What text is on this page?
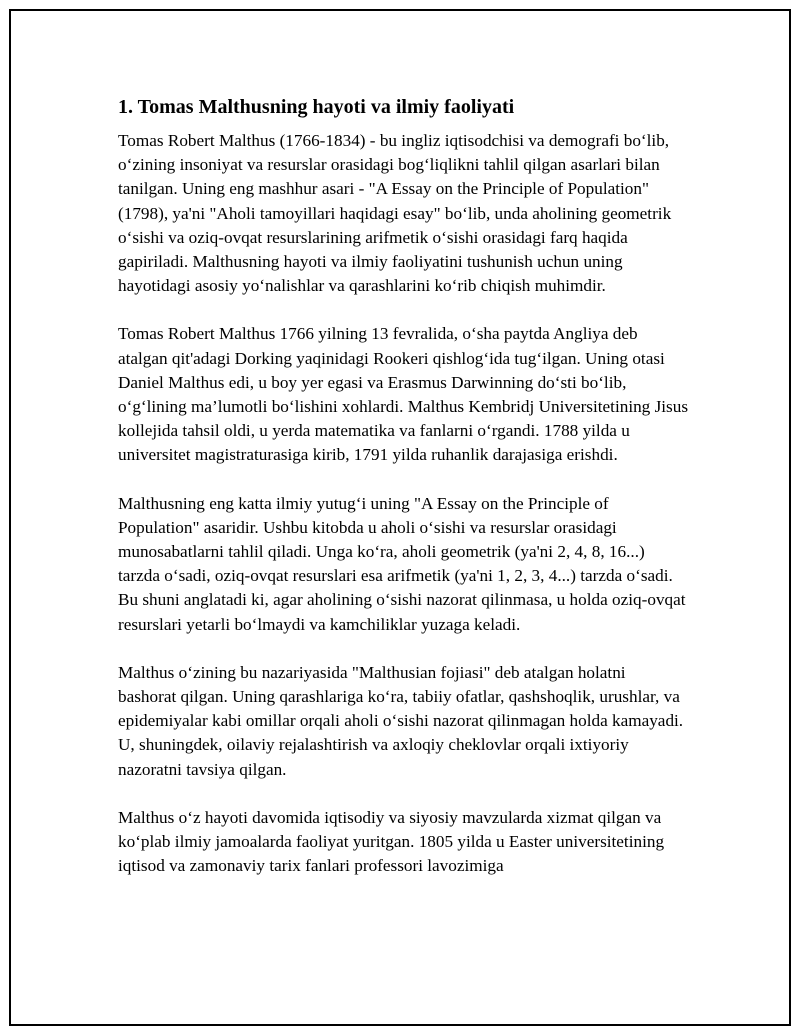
1. Tomas Malthusning hayoti va ilmiy faoliyati

Tomas Robert Malthus (1766-1834) - bu ingliz iqtisodchisi va demografi bo‘lib, o‘zining insoniyat va resurslar orasidagi bog‘liqlikni tahlil qilgan asarlari bilan tanilgan. Uning eng mashhur asari - "A Essay on the Principle of Population" (1798), ya'ni "Aholi tamoyillari haqidagi esay" bo‘lib, unda aholining geometrik o‘sishi va oziq-ovqat resurslarining arifmetik o‘sishi orasidagi farq haqida gapiriladi. Malthusning hayoti va ilmiy faoliyatini tushunish uchun uning hayotidagi asosiy yo‘nalishlar va qarashlarini ko‘rib chiqish muhimdir.

Tomas Robert Malthus 1766 yilning 13 fevralida, o‘sha paytda Angliya deb atalgan qit'adagi Dorking yaqinidagi Rookeri qishlog‘ida tug‘ilgan. Uning otasi Daniel Malthus edi, u boy yer egasi va Erasmus Darwinning do‘sti bo‘lib, o‘g‘lining ma’lumotli bo‘lishini xohlardi. Malthus Kembridj Universitetining Jisus kollejida tahsil oldi, u yerda matematika va fanlarni o‘rgandi. 1788 yilda u universitet magistraturasiga kirib, 1791 yilda ruhanlik darajasiga erishdi.

Malthusning eng katta ilmiy yutug‘i uning "A Essay on the Principle of Population" asaridir. Ushbu kitobda u aholi o‘sishi va resurslar orasidagi munosabatlarni tahlil qiladi. Unga ko‘ra, aholi geometrik (ya'ni 2, 4, 8, 16...) tarzda o‘sadi, oziq-ovqat resurslari esa arifmetik (ya'ni 1, 2, 3, 4...) tarzda o‘sadi. Bu shuni anglatadi ki, agar aholining o‘sishi nazorat qilinmasa, u holda oziq-ovqat resurslari yetarli bo‘lmaydi va kamchiliklar yuzaga keladi.

Malthus o‘zining bu nazariyasida "Malthusian fojiasi" deb atalgan holatni bashorat qilgan. Uning qarashlariga ko‘ra, tabiiy ofatlar, qashshoqlik, urushlar, va epidemiyalar kabi omillar orqali aholi o‘sishi nazorat qilinmagan holda kamayadi. U, shuningdek, oilaviy rejalashtirish va axloqiy cheklovlar orqali ixtiyoriy nazoratni tavsiya qilgan.

Malthus o‘z hayoti davomida iqtisodiy va siyosiy mavzularda xizmat qilgan va ko‘plab ilmiy jamoalarda faoliyat yuritgan. 1805 yilda u Easter universitetining iqtisod va zamonaviy tarix fanlari professori lavozimiga
